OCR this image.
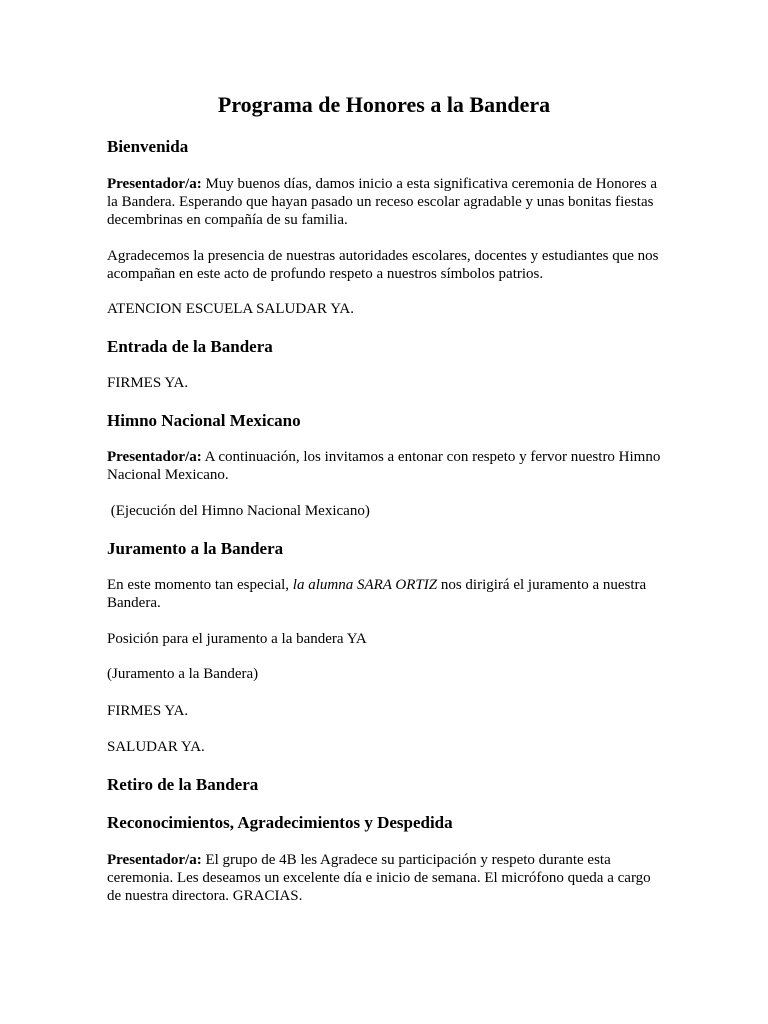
Programa de Honores a la Bandera
Bienvenida

Presentador/a: Muy buenos días, damos inicio a esta significativa ceremonia de Honores a la Bandera. Esperando que hayan pasado un receso escolar agradable y unas bonitas fiestas decembrinas en compañía de su familia.

Agradecemos la presencia de nuestras autoridades escolares, docentes y estudiantes que nos acompañan en este acto de profundo respeto a nuestros símbolos patrios.

ATENCION ESCUELA SALUDAR YA.

Entrada de la Bandera

FIRMES YA.

Himno Nacional Mexicano

Presentador/a: A continuación, los invitamos a entonar con respeto y fervor nuestro Himno Nacional Mexicano.

(Ejecución del Himno Nacional Mexicano)

Juramento a la Bandera

En este momento tan especial, la alumna SARA ORTIZ nos dirigirá el juramento a nuestra Bandera.

Posición para el juramento a la bandera YA

(Juramento a la Bandera)

FIRMES YA.

SALUDAR YA.

Retiro de la Bandera
Reconocimientos, Agradecimientos y Despedida

Presentador/a: El grupo de 4B les Agradece su participación y respeto durante esta ceremonia. Les deseamos un excelente día e inicio de semana. El micrófono queda a cargo de nuestra directora. GRACIAS.
